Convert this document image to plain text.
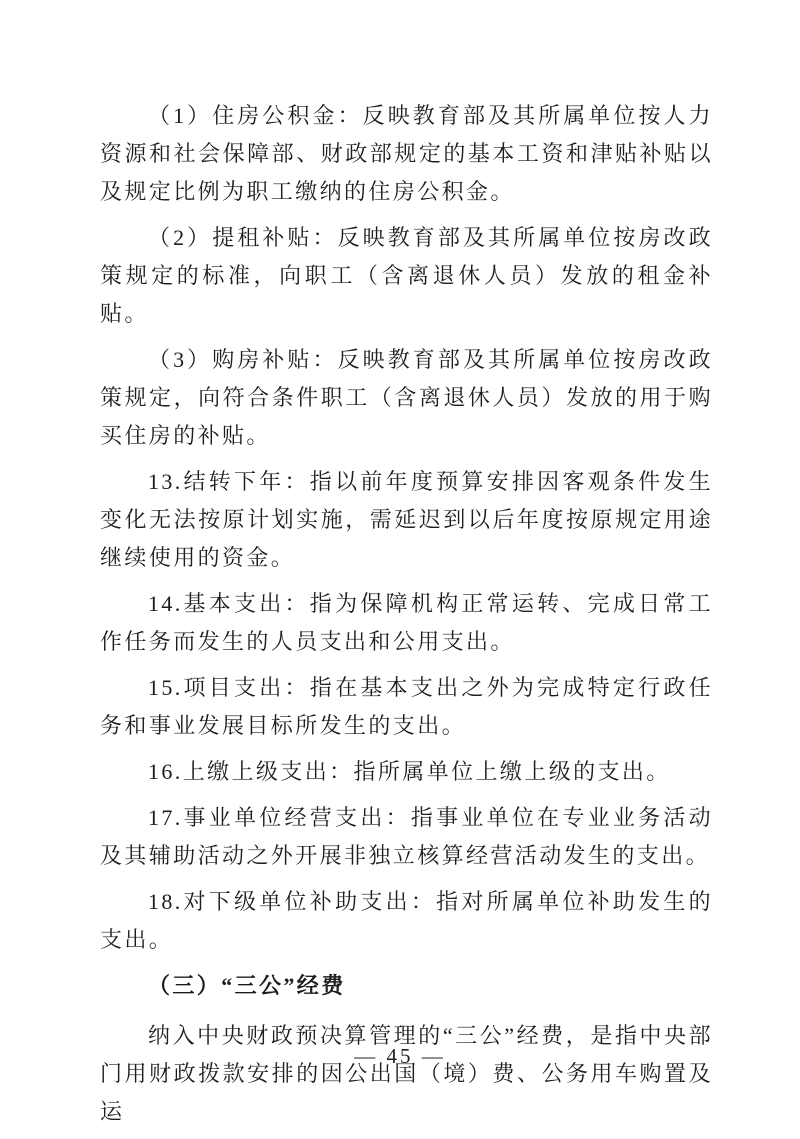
（1）住房公积金：反映教育部及其所属单位按人力资源和社会保障部、财政部规定的基本工资和津贴补贴以及规定比例为职工缴纳的住房公积金。

（2）提租补贴：反映教育部及其所属单位按房改政策规定的标准，向职工（含离退休人员）发放的租金补贴。

（3）购房补贴：反映教育部及其所属单位按房改政策规定，向符合条件职工（含离退休人员）发放的用于购买住房的补贴。

13.结转下年：指以前年度预算安排因客观条件发生变化无法按原计划实施，需延迟到以后年度按原规定用途继续使用的资金。

14.基本支出：指为保障机构正常运转、完成日常工作任务而发生的人员支出和公用支出。

15.项目支出：指在基本支出之外为完成特定行政任务和事业发展目标所发生的支出。

16.上缴上级支出：指所属单位上缴上级的支出。

17.事业单位经营支出：指事业单位在专业业务活动及其辅助活动之外开展非独立核算经营活动发生的支出。

18.对下级单位补助支出：指对所属单位补助发生的支出。

（三）“三公”经费

纳入中央财政预决算管理的“三公”经费，是指中央部门用财政拨款安排的因公出国（境）费、公务用车购置及运

— 45 —
